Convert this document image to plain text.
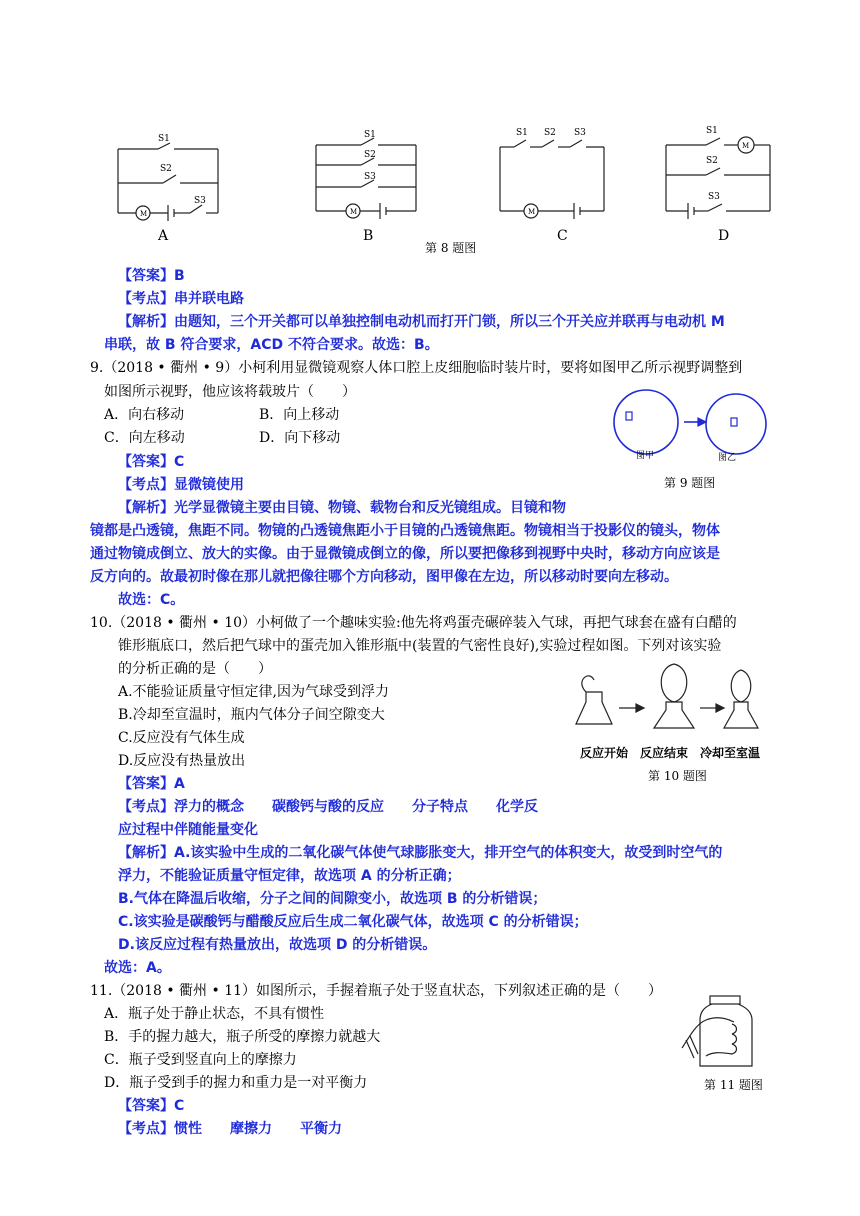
M
S1
S2
S3
A
M
S1
S2
S3
B
M
S1 S2 S3
C
M
S1
S2
S3
D
第 8 题图
【答案】B
【考点】串并联电路
【解析】由题知，三个开关都可以单独控制电动机而打开门锁，所以三个开关应并联再与电动机 M
串联，故 B 符合要求，ACD 不符合要求。故选：B。
9.（2018 • 衢州 • 9）小柯利用显微镜观察人体口腔上皮细胞临时装片时，要将如图甲乙所示视野调整到
如图所示视野，他应该将载玻片（　　）
A．向右移动	B．向上移动
C．向左移动	D．向下移动
图甲	图乙
第 9 题图
【答案】C
【考点】显微镜使用
【解析】光学显微镜主要由目镜、物镜、载物台和反光镜组成。目镜和物
镜都是凸透镜，焦距不同。物镜的凸透镜焦距小于目镜的凸透镜焦距。物镜相当于投影仪的镜头，物体
通过物镜成倒立、放大的实像。由于显微镜成倒立的像，所以要把像移到视野中央时，移动方向应该是
反方向的。故最初时像在那儿就把像往哪个方向移动，图甲像在左边，所以移动时要向左移动。
故选：C。
10.（2018 • 衢州 • 10）小柯做了一个趣味实验:他先将鸡蛋壳碾碎装入气球，再把气球套在盛有白醋的
锥形瓶底口，然后把气球中的蛋壳加入锥形瓶中(装置的气密性良好),实验过程如图。下列对该实验
的分析正确的是（　　）
A.不能验证质量守恒定律,因为气球受到浮力
B.冷却至宣温时，瓶内气体分子间空隙变大
C.反应没有气体生成
D.反应没有热量放出	反应开始　反应结束　冷却至室温
第 10 题图
【答案】A
【考点】浮力的概念　　碳酸钙与酸的反应　　分子特点　　化学反
应过程中伴随能量变化
【解析】A.该实验中生成的二氧化碳气体使气球膨胀变大，排开空气的体积变大，故受到时空气的
浮力，不能验证质量守恒定律，故选项 A 的分析正确；
B.气体在降温后收缩，分子之间的间隙变小，故选项 B 的分析错误；
C.该实验是碳酸钙与醋酸反应后生成二氧化碳气体，故选项 C 的分析错误；
D.该反应过程有热量放出，故选项 D 的分析错误。
故选：A。
11.（2018 • 衢州 • 11）如图所示，手握着瓶子处于竖直状态，下列叙述正确的是（　　）
A．瓶子处于静止状态，不具有惯性
B．手的握力越大，瓶子所受的摩擦力就越大
C．瓶子受到竖直向上的摩擦力
D．瓶子受到手的握力和重力是一对平衡力	第 11 题图
【答案】C
【考点】惯性　　摩擦力　　平衡力
